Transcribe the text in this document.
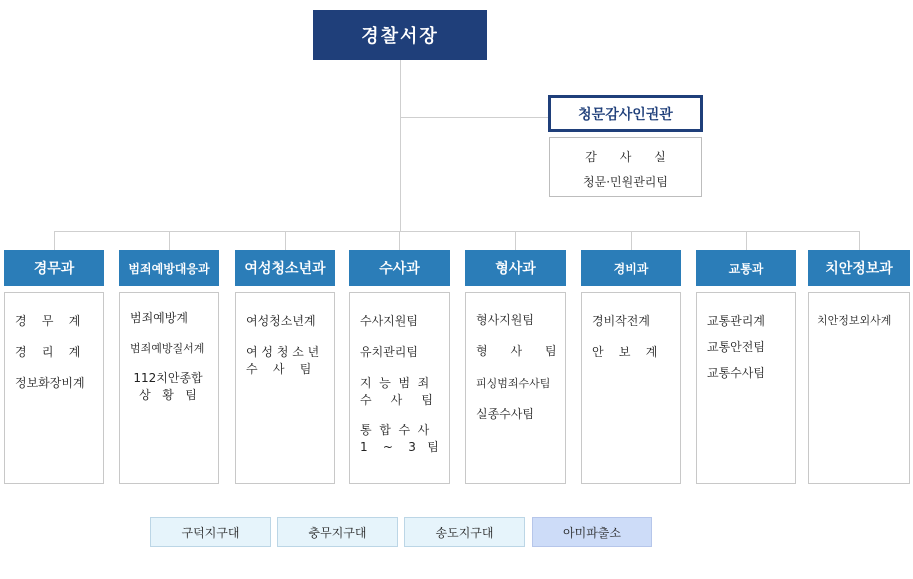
경찰서장
청문감사인권관
감      사      실
청문·민원관리팀
경무과	범죄예방대응과	여성청소년과	수사과	형사과	경비과	교통과	치안정보과
경    무    계
경    리    계
정보화장비계
범죄예방계
범죄예방질서계
112치안종합
상   황   팀
여성청소년계
여 성 청 소 년
수    사    팀
수사지원팀
유치관리팀
지  능  범  죄
수     사     팀
통  합  수  사
1    ~    3   팀
형사지원팀
형      사      팀
피싱범죄수사팀
실종수사팀
경비작전계
안    보    계
교통관리계
교통안전팀
교통수사팀
치안정보외사계
구덕지구대	충무지구대	송도지구대	아미파출소
